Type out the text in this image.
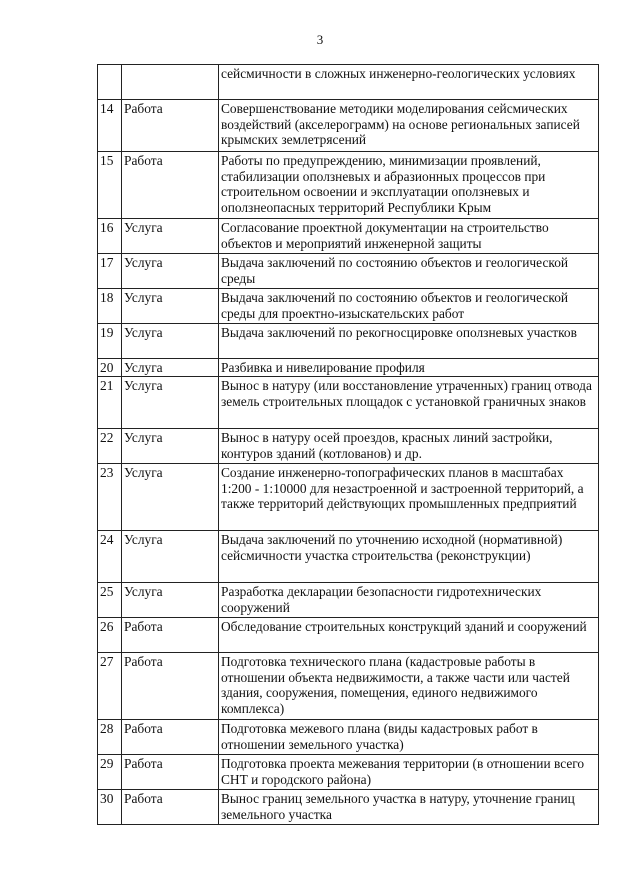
3
		сейсмичности в сложных инженерно-геологических условиях
14	Работа	Совершенствование методики моделирования сейсмических воздействий (акселерограмм) на основе региональных записей крымских землетрясений
15	Работа	Работы по предупреждению, минимизации проявлений, стабилизации оползневых и абразионных процессов при строительном освоении и эксплуатации оползневых и оползнеопасных территорий Республики Крым
16	Услуга	Согласование проектной документации на строительство объектов и мероприятий инженерной защиты
17	Услуга	Выдача заключений по состоянию объектов и геологической среды
18	Услуга	Выдача заключений по состоянию объектов и геологической среды для проектно-изыскательских работ
19	Услуга	Выдача заключений по рекогносцировке оползневых участков
20	Услуга	Разбивка и нивелирование профиля
21	Услуга	Вынос в натуру (или восстановление утраченных) границ отвода земель строительных площадок с установкой граничных знаков
22	Услуга	Вынос в натуру осей проездов, красных линий застройки, контуров зданий (котлованов) и др.
23	Услуга	Создание инженерно-топографических планов в масштабах 1:200 - 1:10000 для незастроенной и застроенной территорий, а также территорий действующих промышленных предприятий
24	Услуга	Выдача заключений по уточнению исходной (нормативной) сейсмичности участка строительства (реконструкции)
25	Услуга	Разработка декларации безопасности гидротехнических сооружений
26	Работа	Обследование строительных конструкций зданий и сооружений
27	Работа	Подготовка технического плана (кадастровые работы в отношении объекта недвижимости, а также части или частей здания, сооружения, помещения, единого недвижимого комплекса)
28	Работа	Подготовка межевого плана (виды кадастровых работ в отношении земельного участка)
29	Работа	Подготовка проекта межевания территории (в отношении всего СНТ и городского района)
30	Работа	Вынос границ земельного участка в натуру, уточнение границ земельного участка
